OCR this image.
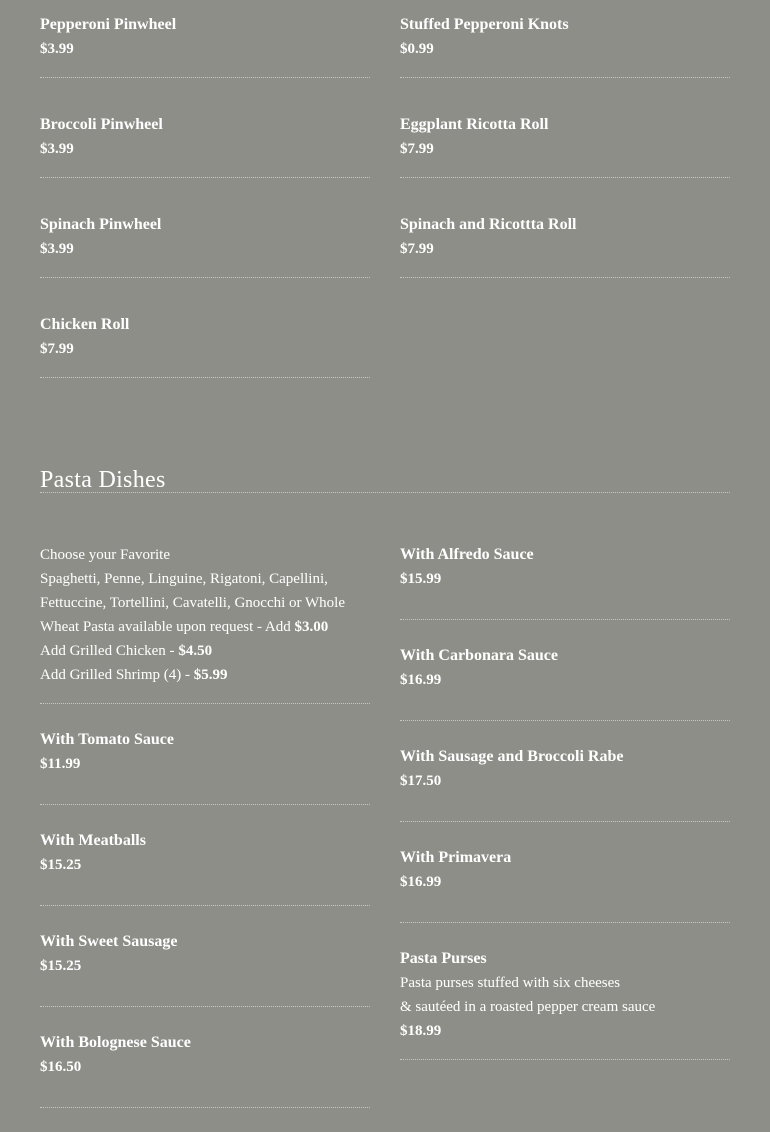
Pepperoni Pinwheel
$3.99
Broccoli Pinwheel
$3.99
Spinach Pinwheel
$3.99
Chicken Roll
$7.99
Stuffed Pepperoni Knots
$0.99
Eggplant Ricotta Roll
$7.99
Spinach and Ricottta Roll
$7.99
Pasta Dishes
Choose your Favorite
Spaghetti, Penne, Linguine, Rigatoni, Capellini, Fettuccine, Tortellini, Cavatelli, Gnocchi or Whole Wheat Pasta available upon request - Add $3.00
Add Grilled Chicken - $4.50
Add Grilled Shrimp (4) - $5.99
With Tomato Sauce
$11.99
With Meatballs
$15.25
With Sweet Sausage
$15.25
With Bolognese Sauce
$16.50
With Alfredo Sauce
$15.99
With Carbonara Sauce
$16.99
With Sausage and Broccoli Rabe
$17.50
With Primavera
$16.99
Pasta Purses
Pasta purses stuffed with six cheeses
& sautéed in a roasted pepper cream sauce
$18.99
